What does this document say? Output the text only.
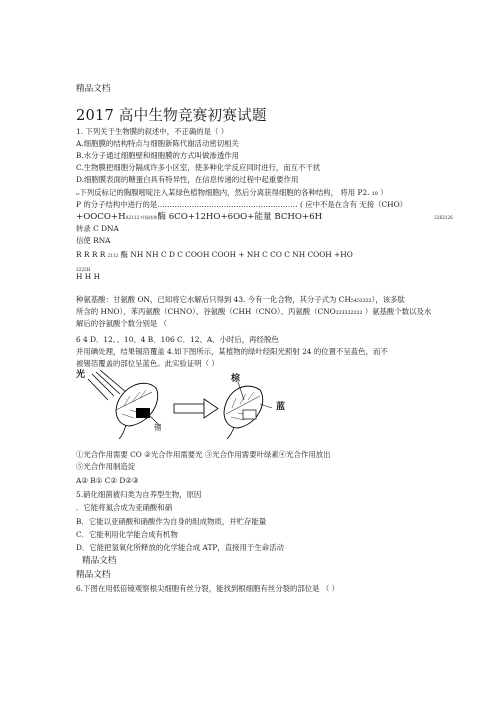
精品文档
2017 高中生物竞赛初赛试题
1. 下列关于生物膜的叙述中，不正确的是（ ）
A.细胞膜的结构特点与细胞新陈代谢活动密切相关
B.水分子通过细胞壁和细胞膜的方式叫做渗透作用
C.生物膜把细胞分隔成许多小区室，使多种化学反应同时进行，而互不干扰
D.细胞膜表面的糖蛋白具有特异性，在信息传递的过程中起重要作用
₁₈下列反标记的胸腺嘧啶注入某绿色植物细胞内，然后分离获得细胞的各种结构， 将用 P2. ₁₈ ）
P 的分子结构中进行的是………………………………………………… ( 应中不是在含有 无接（CHO）
+OOCO+HA2112 叶绿体和酶 6CO+12HO+6OO+能量 BCHO+6H	2262126
转录 C DNA
信使 RNA
R R R R 2112 酶 NH NH C D C COOH COOH + NH C CO C NH COOH +HO
2222H
H H H
种氨基酸：甘氨酸 ON，已知将它水解后只得到 43. 今有一化合物，其分子式为 CH₅₄₅₃₃₂₂），该多肽
所含的 HNO）、苯丙氨酸（CHNO）、谷氨酸（CHH（CNO）、丙氨酸（CNO₂₂₃₃₂₂₂₂₂ ）氨基酸个数以及水
解后的谷氨酸个数分别是 （
6 4 D．12、、10、4 B．106 C．12、A．小时后，再经脱色
并用碘处理，结果锡箔覆盖 4.如下图所示，某植物的绿叶经阳光照射 24 的位置不呈蓝色，而不
被锡箔覆盖的部位呈蓝色。此实验证明（ ）
光
锡
棕
蓝
①光合作用需要 CO ②光合作用需要光 ③光合作用需要叶绿素④光合作用放出
⑤光合作用制造淀
A② B① C② D②③
5.硝化细菌被归类为自养型生物，原因
．它能将氮合成为亚硝酸和硝
B．它能以亚硝酸和硝酸作为自身的组成物质，并贮存能量
C．它能利用化学能合成有机物
D．它能把氢氧化所释放的化学能合成 ATP，直接用于生命活动
精品文档
精品文档
6.下图在用低倍镜观察根尖细胞有丝分裂，能找到根细胞有丝分裂的部位是 （ ）
